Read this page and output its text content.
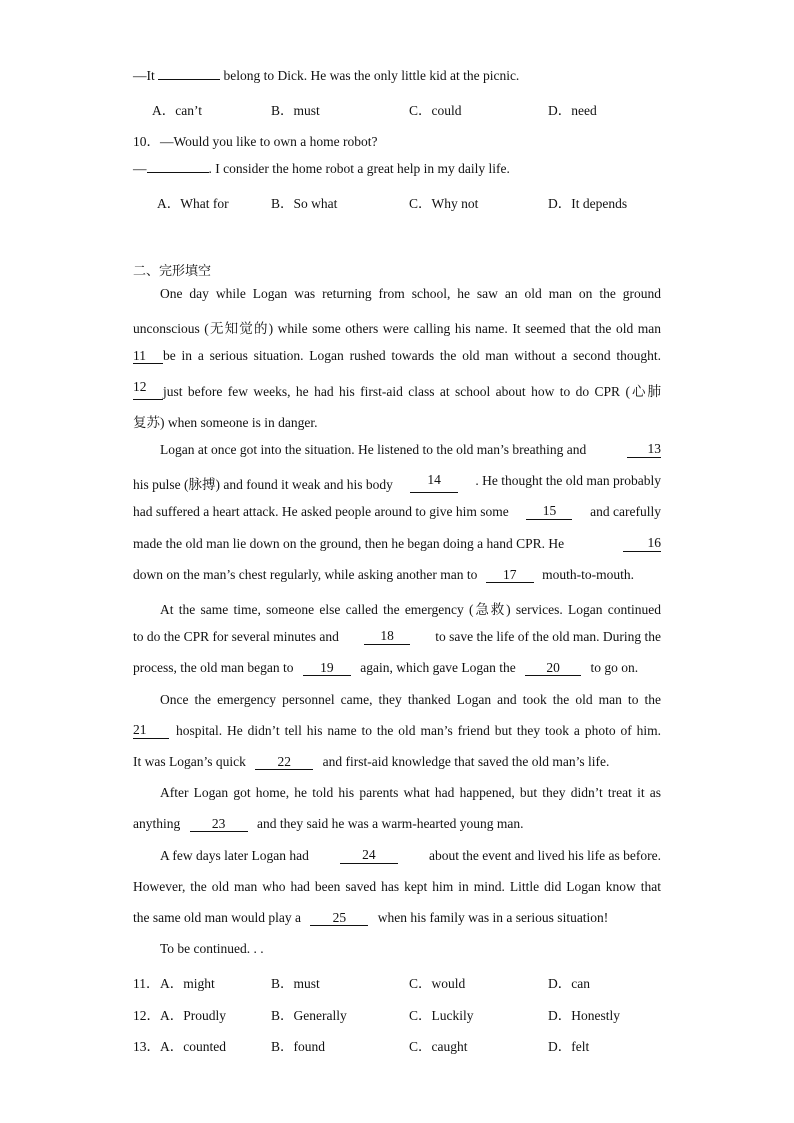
—It	belong to Dick. He was the only little kid at the picnic.
A．can’t	B．must	C．could	D．need
10．—Would you like to own a home robot?
—	. I consider the home robot a great help in my daily life.
A．What for	B．So what	C．Why not	D．It depends
二、完形填空
One day while Logan was returning from school, he saw an old man on the ground
unconscious (无知觉的) while some others were calling his name. It seemed that the old man
11	be in a serious situation. Logan rushed towards the old man without a second thought.
12	just before few weeks, he had his first-aid class at school about how to do CPR (心肺
复苏) when someone is in danger.
Logan at once got into the situation. He listened to the old man’s breathing and	13
his pulse (脉搏) and found it weak and his body	14	. He thought the old man probably
had suffered a heart attack. He asked people around to give him some	15	and carefully
made the old man lie down on the ground, then he began doing a hand CPR. He	16
down on the man’s chest regularly, while asking another man to 17 mouth-to-mouth.
At the same time, someone else called the emergency (急救) services. Logan continued
to do the CPR for several minutes and	18	to save the life of the old man. During the
process, the old man began to 19 again, which gave Logan the 20 to go on.
Once the emergency personnel came, they thanked Logan and took the old man to the
21	hospital. He didn’t tell his name to the old man’s friend but they took a photo of him.
It was Logan’s quick 22 and first-aid knowledge that saved the old man’s life.
After Logan got home, he told his parents what had happened, but they didn’t treat it as
anything 23 and they said he was a warm-hearted young man.
A few days later Logan had	24	about the event and lived his life as before.
However, the old man who had been saved has kept him in mind. Little did Logan know that
the same old man would play a 25 when his family was in a serious situation!
To be continued. . .
11． A．might	B．must	C．would	D．can
12． A．Proudly	B．Generally	C．Luckily	D．Honestly
13． A．counted	B．found	C．caught	D．felt
